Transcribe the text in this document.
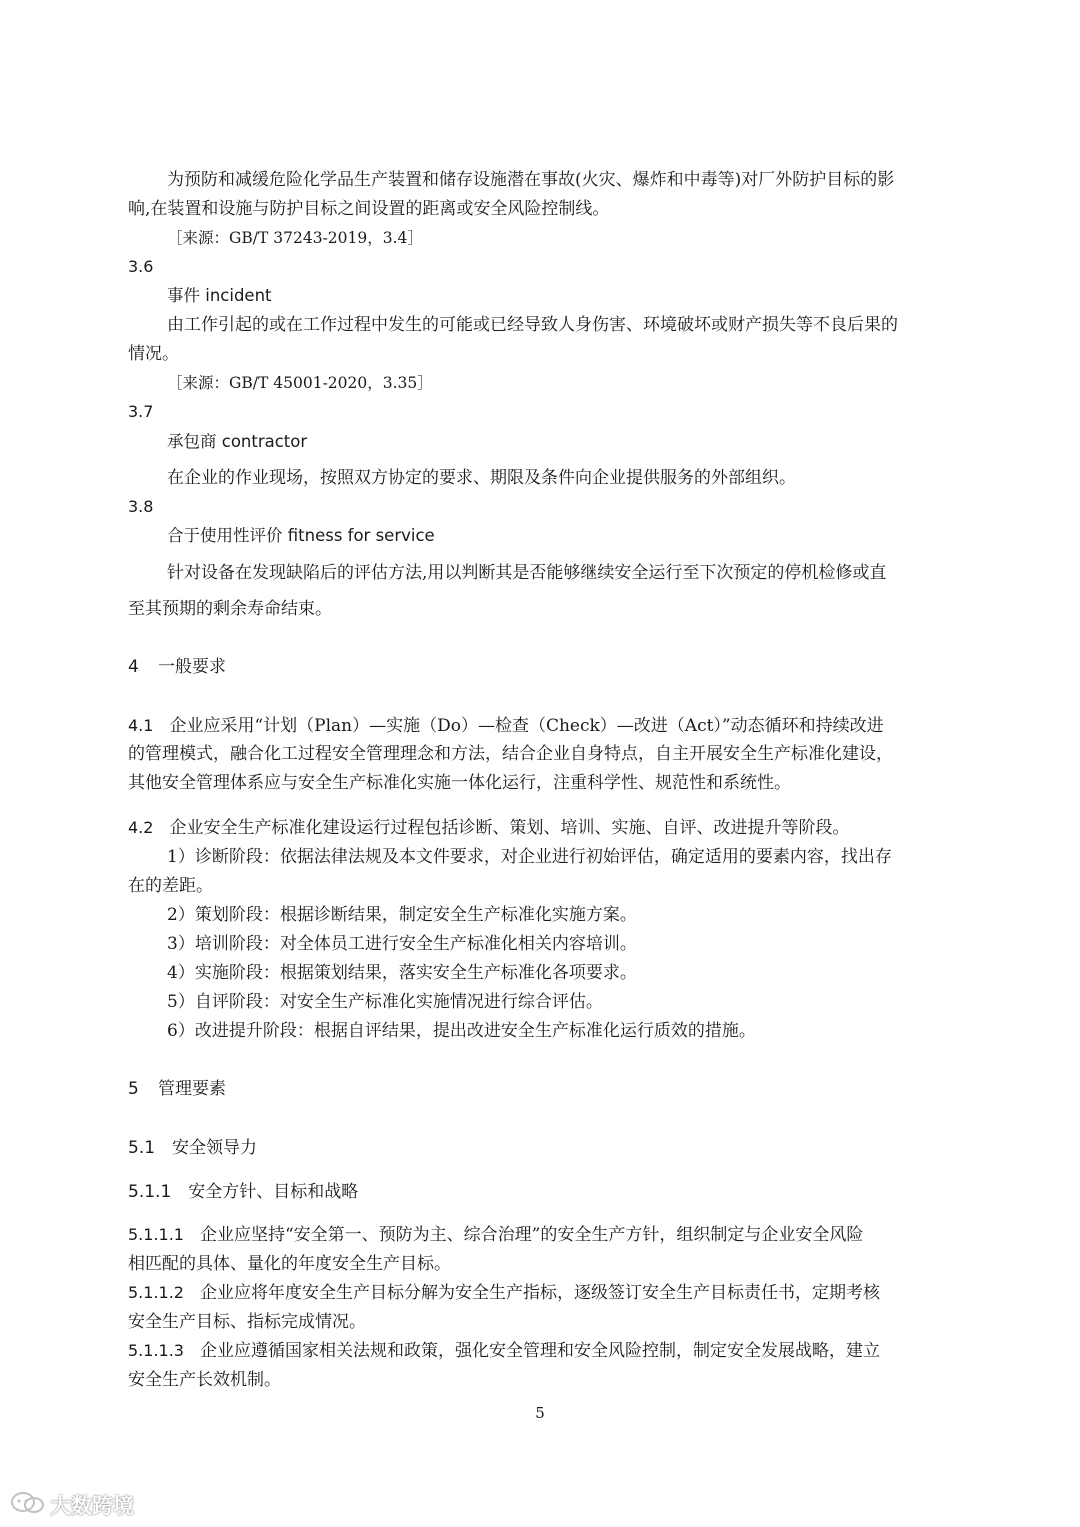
为预防和减缓危险化学品生产装置和储存设施潜在事故(火灾、爆炸和中毒等)对厂外防护目标的影
响,在装置和设施与防护目标之间设置的距离或安全风险控制线。
［来源：GB/T 37243-2019，3.4］
3.6
事件 incident
由工作引起的或在工作过程中发生的可能或已经导致人身伤害、环境破坏或财产损失等不良后果的
情况。
［来源：GB/T 45001-2020，3.35］
3.7
承包商 contractor
在企业的作业现场，按照双方协定的要求、期限及条件向企业提供服务的外部组织。
3.8
合于使用性评价 fitness for service
针对设备在发现缺陷后的评估方法,用以判断其是否能够继续安全运行至下次预定的停机检修或直
至其预期的剩余寿命结束。
4 一般要求
4.1 企业应采用“计划（Plan）—实施（Do）—检查（Check）—改进（Act）”动态循环和持续改进
的管理模式，融合化工过程安全管理理念和方法，结合企业自身特点，自主开展安全生产标准化建设，
其他安全管理体系应与安全生产标准化实施一体化运行，注重科学性、规范性和系统性。
4.2 企业安全生产标准化建设运行过程包括诊断、策划、培训、实施、自评、改进提升等阶段。
1）诊断阶段：依据法律法规及本文件要求，对企业进行初始评估，确定适用的要素内容，找出存
在的差距。
2）策划阶段：根据诊断结果，制定安全生产标准化实施方案。
3）培训阶段：对全体员工进行安全生产标准化相关内容培训。
4）实施阶段：根据策划结果，落实安全生产标准化各项要求。
5）自评阶段：对安全生产标准化实施情况进行综合评估。
6）改进提升阶段：根据自评结果，提出改进安全生产标准化运行质效的措施。
5 管理要素
5.1　安全领导力
5.1.1　安全方针、目标和战略
5.1.1.1 企业应坚持“安全第一、预防为主、综合治理”的安全生产方针，组织制定与企业安全风险
相匹配的具体、量化的年度安全生产目标。
5.1.1.2 企业应将年度安全生产目标分解为安全生产指标，逐级签订安全生产目标责任书，定期考核
安全生产目标、指标完成情况。
5.1.1.3 企业应遵循国家相关法规和政策，强化安全管理和安全风险控制，制定安全发展战略，建立
安全生产长效机制。
5
大数跨境
